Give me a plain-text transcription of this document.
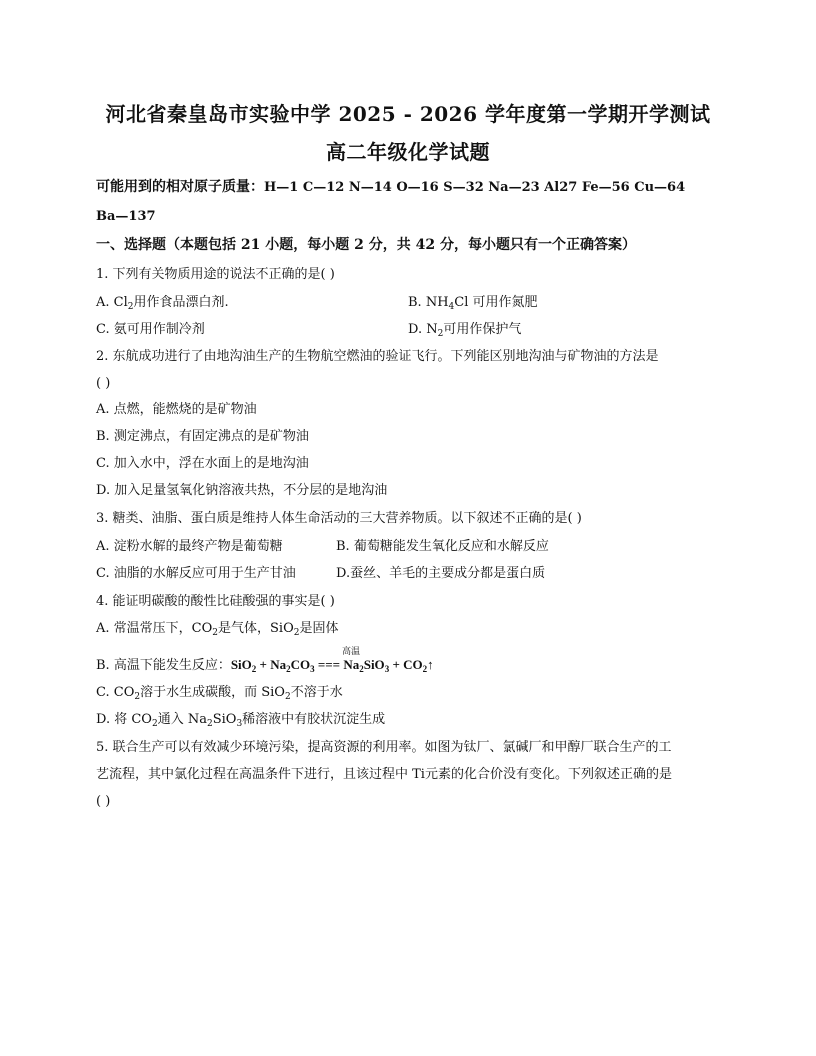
河北省秦皇岛市实验中学 2025 - 2026 学年度第一学期开学测试
高二年级化学试题
可能用到的相对原子质量：H—1 C—12 N—14 O—16 S—32 Na—23 Al27 Fe—56 Cu—64
Ba—137
一、选择题（本题包括 21 小题，每小题 2 分，共 42 分，每小题只有一个正确答案）
1. 下列有关物质用途的说法不正确的是( )
A. $Cl_2$用作食品漂白剂.	B. $NH_4Cl$ 可用作氮肥
C. 氨可用作制冷剂	D. $N_2$可用作保护气
2. 东航成功进行了由地沟油生产的生物航空燃油的验证飞行。下列能区别地沟油与矿物油的方法是
( )
A. 点燃，能燃烧的是矿物油
B. 测定沸点，有固定沸点的是矿物油
C. 加入水中，浮在水面上的是地沟油
D. 加入足量氢氧化钠溶液共热，不分层的是地沟油
3. 糖类、油脂、蛋白质是维持人体生命活动的三大营养物质。以下叙述不正确的是( )
A. 淀粉水解的最终产物是葡萄糖	B. 葡萄糖能发生氧化反应和水解反应
C. 油脂的水解反应可用于生产甘油	D.蚕丝、羊毛的主要成分都是蛋白质
4. 能证明碳酸的酸性比硅酸强的事实是( )
A. 常温常压下，$CO_2$是气体，SiO$_2$是固体
高温
B. 高温下能发生反应：$SiO_2 + Na_2CO_3$ === $Na_2SiO_3$ + $CO_2↑$
C. $CO_2$溶于水生成碳酸，而 SiO$_2$不溶于水
D. 将 $CO_2$通入 $Na_2SiO_3$稀溶液中有胶状沉淀生成
5. 联合生产可以有效减少环境污染，提高资源的利用率。如图为钛厂、氯碱厂和甲醇厂联合生产的工
艺流程，其中氯化过程在高温条件下进行，且该过程中 Ti元素的化合价没有变化。下列叙述正确的是
( )
